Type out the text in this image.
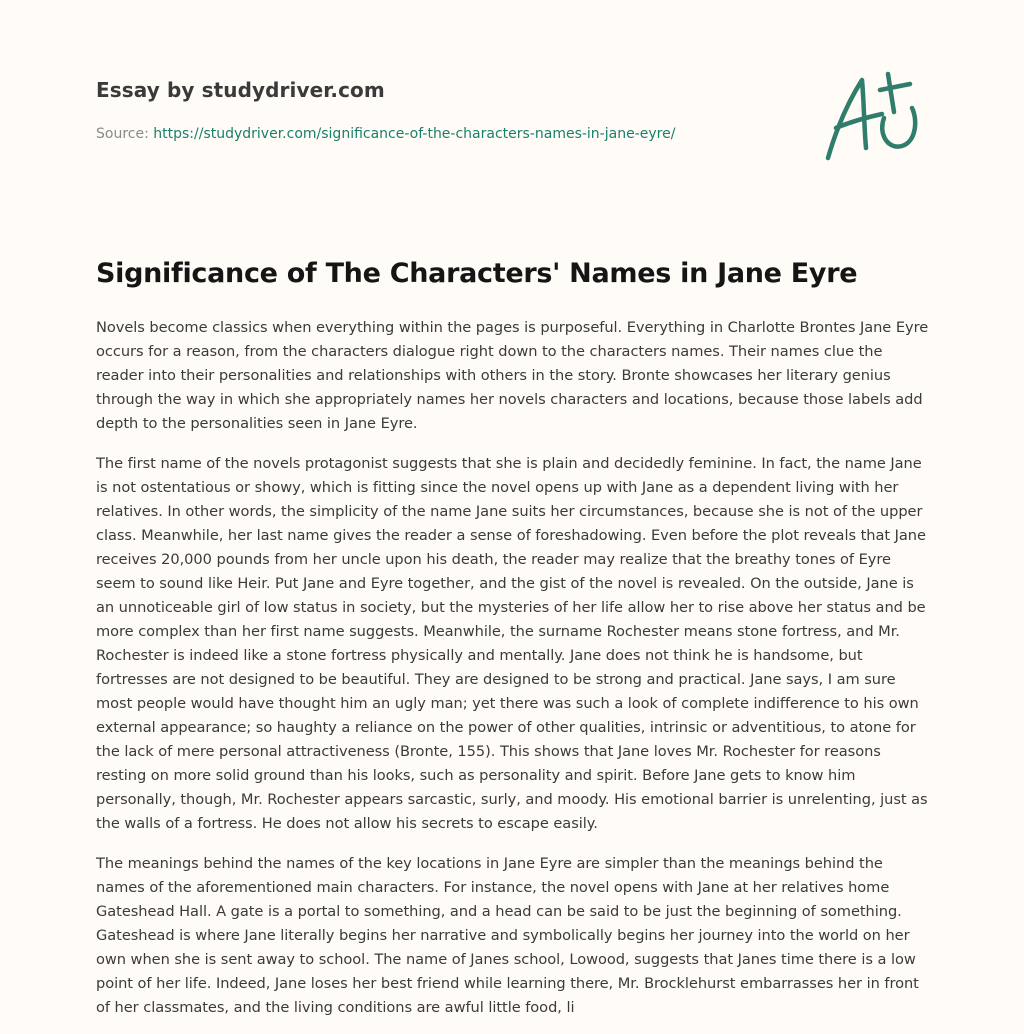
Essay by studydriver.com
Source: https://studydriver.com/significance-of-the-characters-names-in-jane-eyre/
Significance of The Characters' Names in Jane Eyre

Novels become classics when everything within the pages is purposeful. Everything in Charlotte Brontes Jane Eyre occurs for a reason, from the characters dialogue right down to the characters names. Their names clue the reader into their personalities and relationships with others in the story. Bronte showcases her literary genius through the way in which she appropriately names her novels characters and locations, because those labels add depth to the personalities seen in Jane Eyre.

The first name of the novels protagonist suggests that she is plain and decidedly feminine. In fact, the name Jane is not ostentatious or showy, which is fitting since the novel opens up with Jane as a dependent living with her relatives. In other words, the simplicity of the name Jane suits her circumstances, because she is not of the upper class. Meanwhile, her last name gives the reader a sense of foreshadowing. Even before the plot reveals that Jane receives 20,000 pounds from her uncle upon his death, the reader may realize that the breathy tones of Eyre seem to sound like Heir. Put Jane and Eyre together, and the gist of the novel is revealed. On the outside, Jane is an unnoticeable girl of low status in society, but the mysteries of her life allow her to rise above her status and be more complex than her first name suggests. Meanwhile, the surname Rochester means stone fortress, and Mr. Rochester is indeed like a stone fortress physically and mentally. Jane does not think he is handsome, but fortresses are not designed to be beautiful. They are designed to be strong and practical. Jane says, I am sure most people would have thought him an ugly man; yet there was such a look of complete indifference to his own external appearance; so haughty a reliance on the power of other qualities, intrinsic or adventitious, to atone for the lack of mere personal attractiveness (Bronte, 155). This shows that Jane loves Mr. Rochester for reasons resting on more solid ground than his looks, such as personality and spirit. Before Jane gets to know him personally, though, Mr. Rochester appears sarcastic, surly, and moody. His emotional barrier is unrelenting, just as the walls of a fortress. He does not allow his secrets to escape easily.

The meanings behind the names of the key locations in Jane Eyre are simpler than the meanings behind the names of the aforementioned main characters. For instance, the novel opens with Jane at her relatives home Gateshead Hall. A gate is a portal to something, and a head can be said to be just the beginning of something. Gateshead is where Jane literally begins her narrative and symbolically begins her journey into the world on her own when she is sent away to school. The name of Janes school, Lowood, suggests that Janes time there is a low point of her life. Indeed, Jane loses her best friend while learning there, Mr. Brocklehurst embarrasses her in front of her classmates, and the living conditions are awful little food, li
